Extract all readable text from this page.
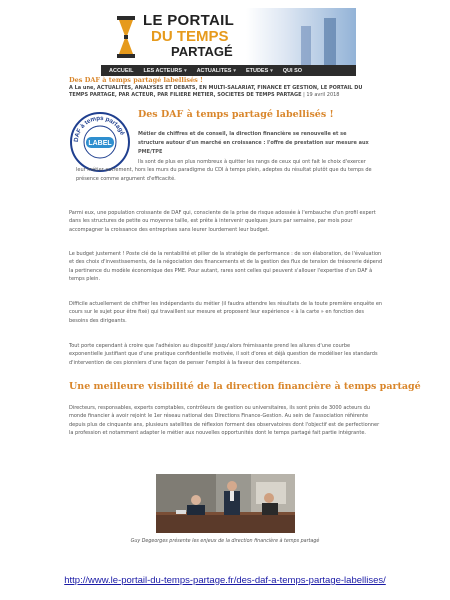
LE PORTAIL
DU TEMPS
PARTAGÉ
ACCUEIL LES ACTEURS ▾ ACTUALITES ▾ ETUDES ▾ QUI SO
Des DAF à temps partagé labellisés !
A La une, ACTUALITES, ANALYSES ET DEBATS, EN MULTI-SALARIAT, FINANCE ET GESTION, LE PORTAIL DU TEMPS PARTAGE, PAR ACTEUR, PAR FILIERE METIER, SOCIETES DE TEMPS PARTAGE | 19 avril 2018
LABEL
DAF à temps partagé
Des DAF à temps partagé labellisés !
Métier de chiffres et de conseil, la direction financière se renouvelle et se structure autour d'un marché en croissance : l'offre de prestation sur mesure aux PME/TPE
Ils sont de plus en plus nombreux à quitter les rangs de ceux qui ont fait le choix d'exercer leur métier autrement, hors les murs du paradigme du CDI à temps plein, adeptes du résultat plutôt que du temps de présence comme argument d'efficacité.
Parmi eux, une population croissante de DAF qui, consciente de la prise de risque adossée à l'embauche d'un profil expert dans les structures de petite ou moyenne taille, est prête à intervenir quelques jours par semaine, par mois pour accompagner la croissance des entreprises sans leurer lourdement leur budget.
Le budget justement ! Poste clé de la rentabilité et pilier de la stratégie de performance : de son élaboration, de l'évaluation et des choix d'investissements, de la négociation des financements et de la gestion des flux de tension de trésorerie dépend la pertinence du modèle économique des PME. Pour autant, rares sont celles qui peuvent s'allouer l'expertise d'un DAF à temps plein.
Difficile actuellement de chiffrer les indépendants du métier (il faudra attendre les résultats de la toute première enquête en cours sur le sujet pour être fixé) qui travaillent sur mesure et proposent leur expérience « à la carte » en fonction des besoins des dirigeants.
Tout porte cependant à croire que l'adhésion au dispositif jusqu'alors frémissante prend les allures d'une courbe exponentielle justifiant que d'une pratique confidentielle motivée, il soit d'ores et déjà question de modéliser les standards d'intervention de ces pionniers d'une façon de penser l'emploi à la faveur des compétences.
Une meilleure visibilité de la direction financière à temps partagé
Directeurs, responsables, experts comptables, contrôleurs de gestion ou universitaires, ils sont près de 3000 acteurs du monde financier à avoir rejoint le 1er réseau national des Directions Finance-Gestion. Au sein de l'association référente depuis plus de cinquante ans, plusieurs satellites de réflexion forment des observatoires dont l'objectif est de perfectionner la profession et notamment adapter le métier aux nouvelles opportunités dont le temps partagé fait partie intégrante.
Guy Degeorges présente les enjeux de la direction financière à temps partagé
http://www.le-portail-du-temps-partage.fr/des-daf-a-temps-partage-labellises/
